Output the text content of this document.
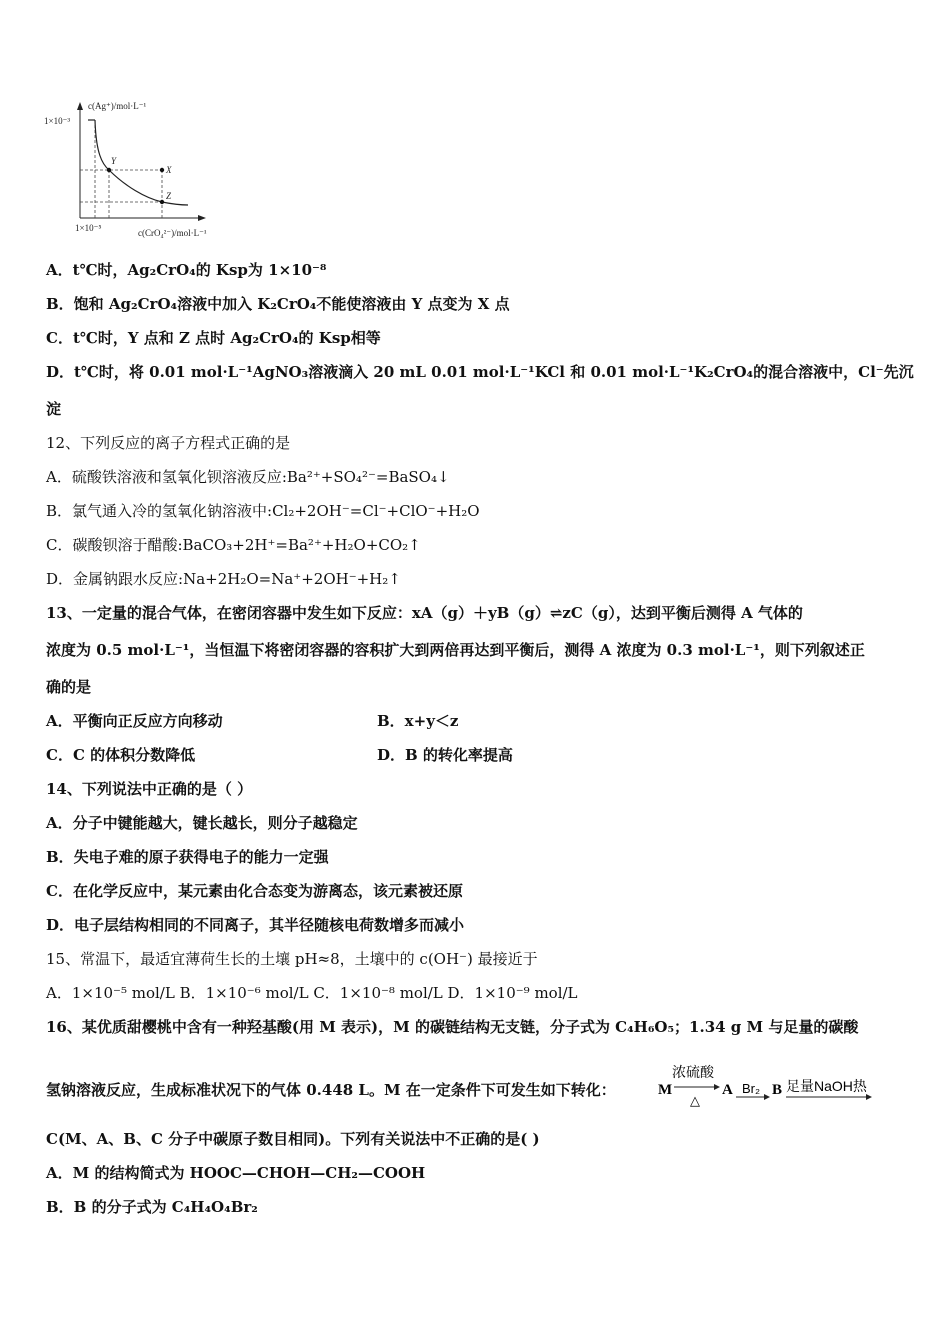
c(Ag⁺)/mol·L⁻¹
1×10⁻³
1×10⁻⁵	c(CrO₄²⁻)/mol·L⁻¹
Y
X
Z
A．t℃时，Ag₂CrO₄的 Ksp为 1×10⁻⁸
B．饱和 Ag₂CrO₄溶液中加入 K₂CrO₄不能使溶液由 Y 点变为 X 点
C．t℃时，Y 点和 Z 点时 Ag₂CrO₄的 Ksp相等
D．t℃时，将 0.01 mol·L⁻¹AgNO₃溶液滴入 20 mL 0.01 mol·L⁻¹KCl 和 0.01 mol·L⁻¹K₂CrO₄的混合溶液中，Cl⁻先沉
淀
12、下列反应的离子方程式正确的是
A．硫酸铁溶液和氢氧化钡溶液反应:Ba²⁺+SO₄²⁻=BaSO₄↓
B．氯气通入冷的氢氧化钠溶液中:Cl₂+2OH⁻=Cl⁻+ClO⁻+H₂O
C．碳酸钡溶于醋酸:BaCO₃+2H⁺=Ba²⁺+H₂O+CO₂↑
D．金属钠跟水反应:Na+2H₂O=Na⁺+2OH⁻+H₂↑
13、一定量的混合气体，在密闭容器中发生如下反应：xA（g）＋yB（g）⇌zC（g），达到平衡后测得 A 气体的
浓度为 0.5 mol·L⁻¹，当恒温下将密闭容器的容积扩大到两倍再达到平衡后，测得 A 浓度为 0.3 mol·L⁻¹，则下列叙述正
确的是
A．平衡向正反应方向移动	B．x+y＜z
C．C 的体积分数降低	D．B 的转化率提高
14、下列说法中正确的是（ ）
A．分子中键能越大，键长越长，则分子越稳定
B．失电子难的原子获得电子的能力一定强
C．在化学反应中，某元素由化合态变为游离态，该元素被还原
D．电子层结构相同的不同离子，其半径随核电荷数增多而减小
15、常温下，最适宜薄荷生长的土壤 pH≈8，土壤中的 c(OH⁻) 最接近于
A．1×10⁻⁵ mol/L B．1×10⁻⁶ mol/L C．1×10⁻⁸ mol/L D．1×10⁻⁹ mol/L
16、某优质甜樱桃中含有一种羟基酸(用 M 表示)，M 的碳链结构无支链，分子式为 C₄H₆O₅；1.34 g M 与足量的碳酸
氢钠溶液反应，生成标准状况下的气体 0.448 L。M 在一定条件下可发生如下转化：	M
浓硫酸
△
A Br₂ B 足量NaOH热
C(M、A、B、C 分子中碳原子数目相同)。下列有关说法中不正确的是( )
A．M 的结构简式为 HOOC—CHOH—CH₂—COOH
B．B 的分子式为 C₄H₄O₄Br₂
